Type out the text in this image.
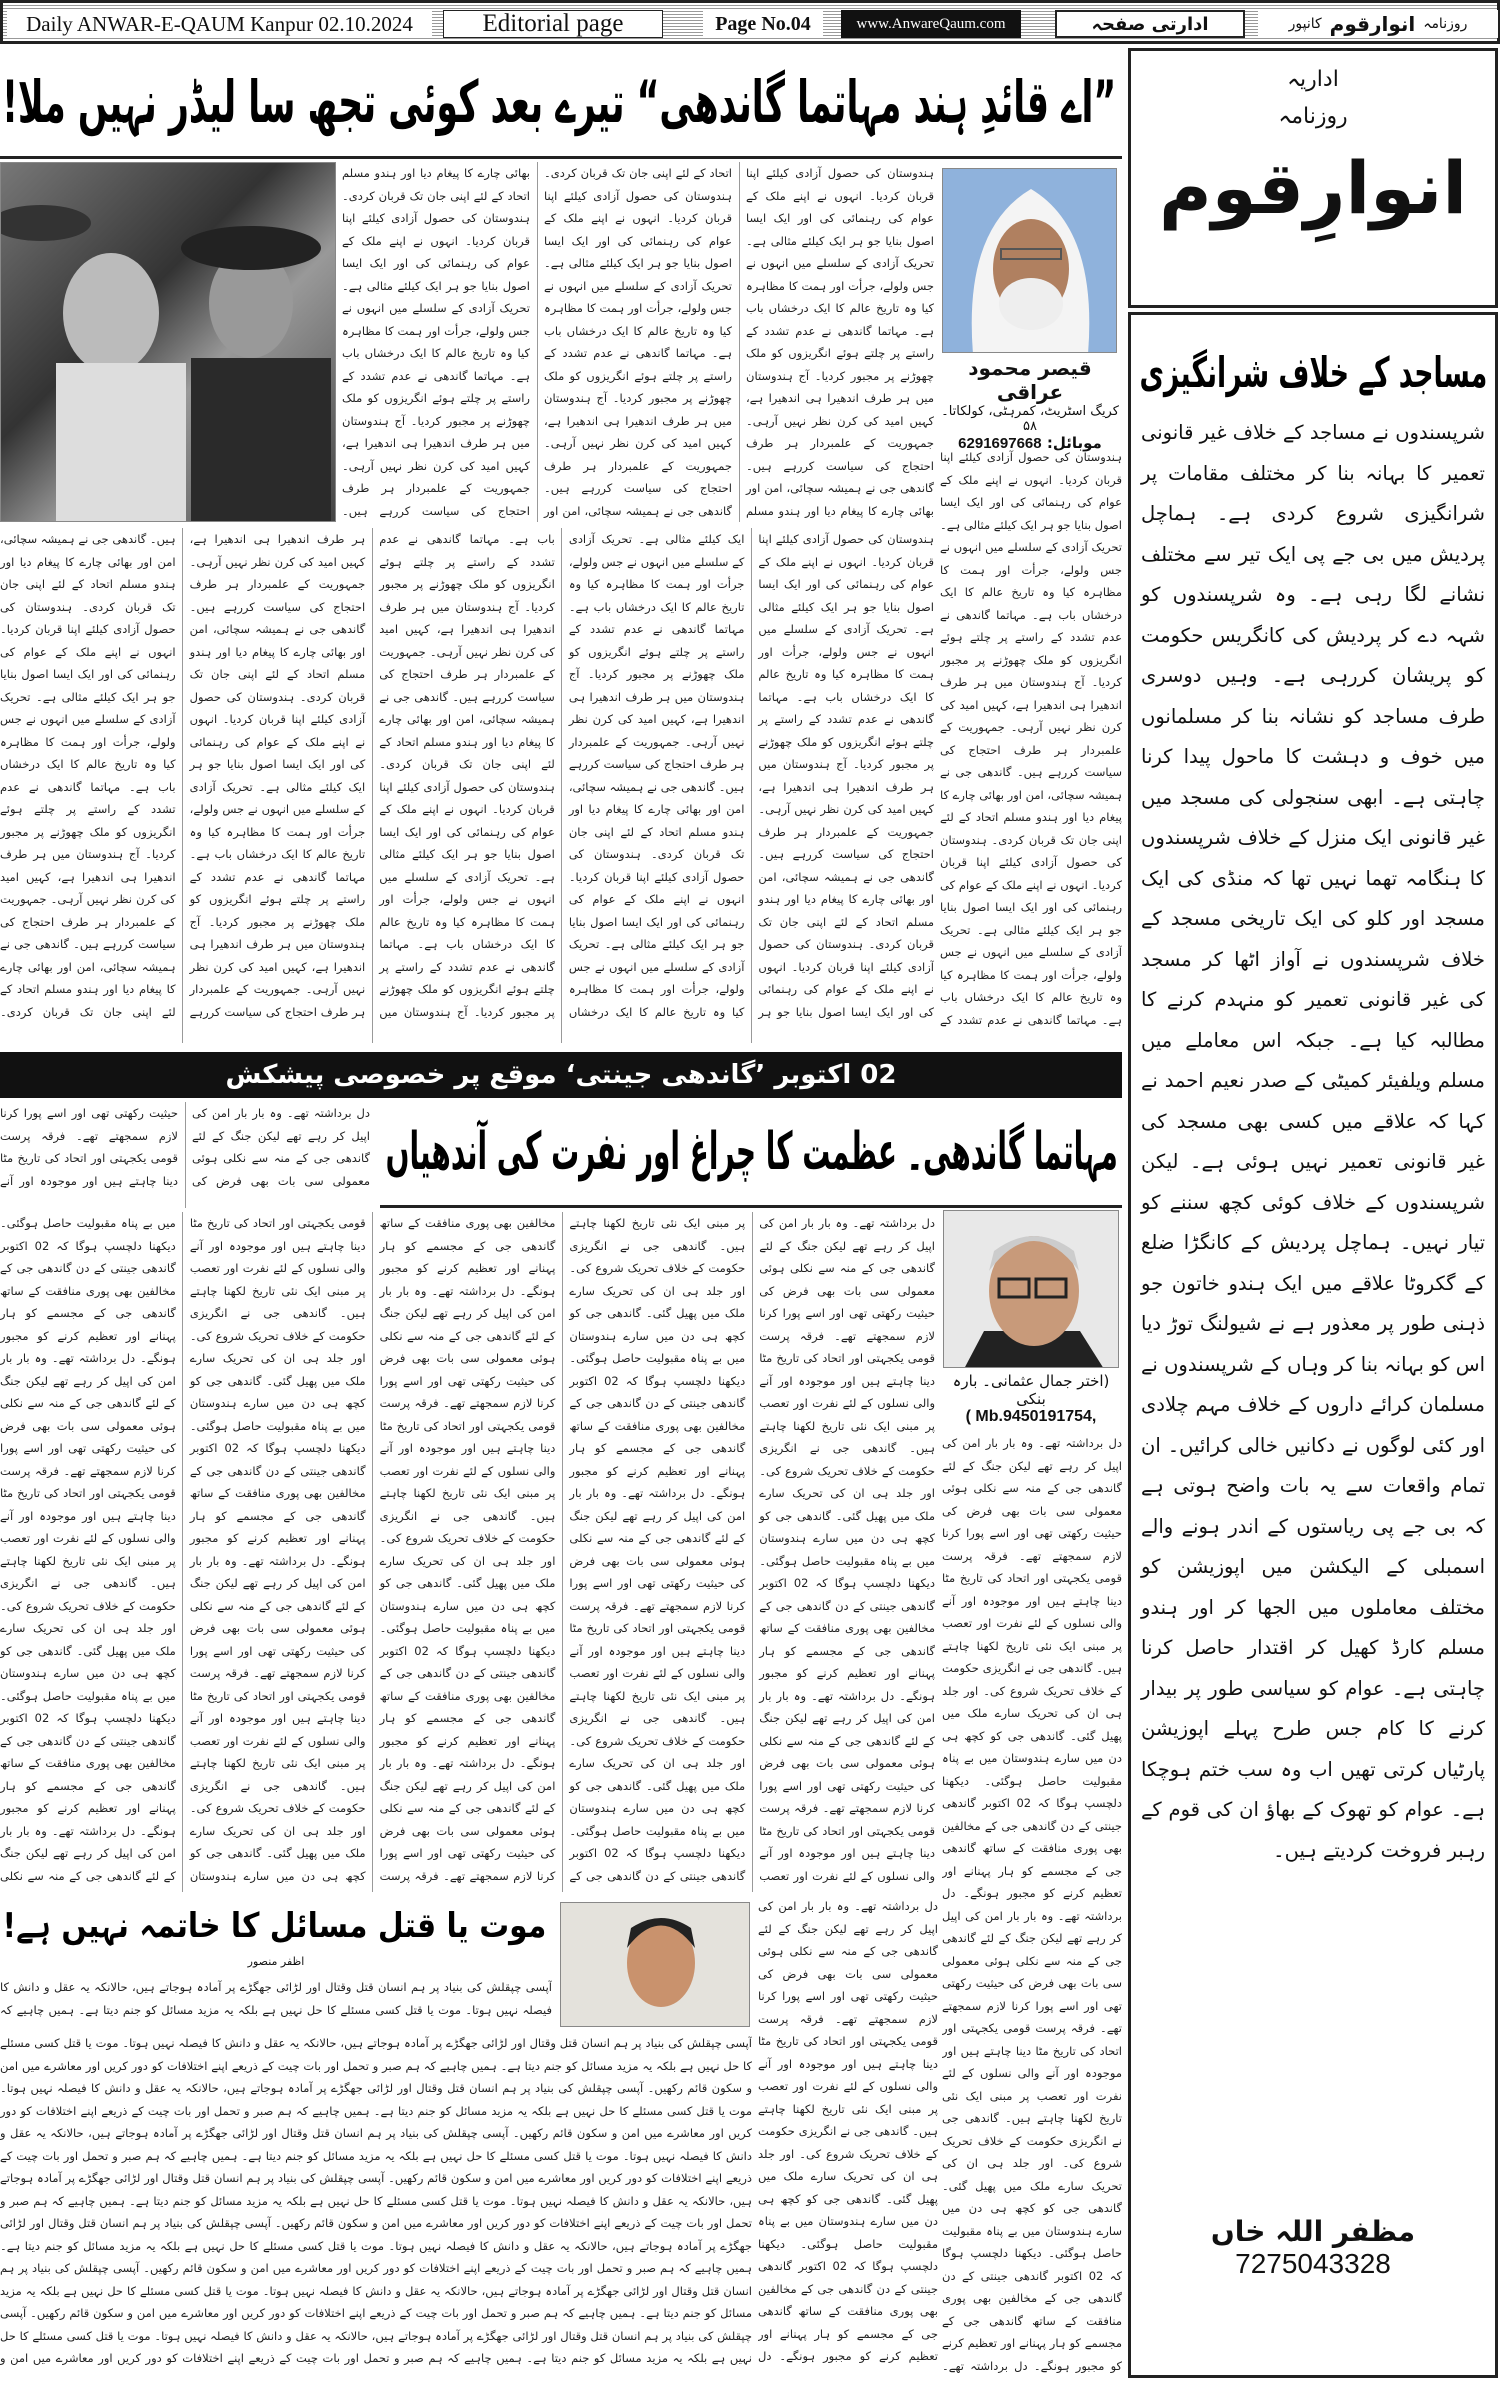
Daily ANWAR-E-QAUM Kanpur 02.10.2024	Editorial page	Page No.04	www.AnwareQaum.com	ادارتی صفحہ	روزنامہ
انوارقوم
کانپور
”اے قائدِ ہند مہاتما گاندھی“ تیرے بعد کوئی تجھ سا لیڈر نہیں ملا!
ہندوستان کی حصول آزادی کیلئے اپنا قربان کردیا۔ انہوں نے اپنے ملک کے عوام کی رہنمائی کی اور ایک ایسا اصول بنایا جو ہر ایک کیلئے مثالی ہے۔ تحریک آزادی کے سلسلے میں انہوں نے جس ولولے، جرأت اور ہمت کا مظاہرہ کیا وہ تاریخ عالم کا ایک درخشاں باب ہے۔ مہاتما گاندھی نے عدم تشدد کے راستے پر چلتے ہوئے انگریزوں کو ملک چھوڑنے پر مجبور کردیا۔ آج ہندوستان میں ہر طرف اندھیرا ہی اندھیرا ہے، کہیں امید کی کرن نظر نہیں آرہی۔ جمہوریت کے علمبردار ہر طرف احتجاج کی سیاست کررہے ہیں۔ گاندھی جی نے ہمیشہ سچائی، امن اور بھائی چارے کا پیغام دیا اور ہندو مسلم اتحاد کے لئے اپنی جان تک قربان کردی۔ ہندوستان کی حصول آزادی کیلئے اپنا قربان کردیا۔ انہوں نے اپنے ملک کے عوام کی رہنمائی کی اور ایک ایسا اصول بنایا جو ہر ایک کیلئے مثالی ہے۔ تحریک آزادی کے سلسلے میں انہوں نے جس ولولے، جرأت اور ہمت کا مظاہرہ کیا وہ تاریخ عالم کا ایک درخشاں باب ہے۔ مہاتما گاندھی نے عدم تشدد کے راستے پر چلتے ہوئے انگریزوں کو ملک چھوڑنے پر مجبور کردیا۔ آج ہندوستان میں ہر طرف اندھیرا ہی اندھیرا ہے، کہیں امید کی کرن نظر نہیں آرہی۔ جمہوریت کے علمبردار ہر طرف احتجاج کی سیاست کررہے ہیں۔ گاندھی جی نے ہمیشہ سچائی، امن اور بھائی چارے کا پیغام دیا اور ہندو مسلم اتحاد کے لئے اپنی جان تک قربان کردی۔ ہندوستان کی حصول آزادی کیلئے اپنا قربان کردیا۔ انہوں نے اپنے ملک کے عوام کی رہنمائی کی اور ایک ایسا اصول بنایا جو ہر ایک کیلئے مثالی ہے۔ تحریک آزادی کے سلسلے میں انہوں نے جس ولولے، جرأت اور ہمت کا مظاہرہ کیا وہ تاریخ عالم کا ایک درخشاں باب ہے۔ مہاتما گاندھی نے عدم تشدد کے راستے پر چلتے ہوئے انگریزوں کو ملک چھوڑنے پر مجبور کردیا۔ آج ہندوستان میں ہر طرف اندھیرا ہی اندھیرا ہے، کہیں امید کی کرن نظر نہیں آرہی۔ جمہوریت کے علمبردار ہر طرف احتجاج کی سیاست کررہے ہیں۔
ہندوستان کی حصول آزادی کیلئے اپنا قربان کردیا۔ انہوں نے اپنے ملک کے عوام کی رہنمائی کی اور ایک ایسا اصول بنایا جو ہر ایک کیلئے مثالی ہے۔ تحریک آزادی کے سلسلے میں انہوں نے جس ولولے، جرأت اور ہمت کا مظاہرہ کیا وہ تاریخ عالم کا ایک درخشاں باب ہے۔ مہاتما گاندھی نے عدم تشدد کے راستے پر چلتے ہوئے انگریزوں کو ملک چھوڑنے پر مجبور کردیا۔ آج ہندوستان میں ہر طرف اندھیرا ہی اندھیرا ہے، کہیں امید کی کرن نظر نہیں آرہی۔ جمہوریت کے علمبردار ہر طرف احتجاج کی سیاست کررہے ہیں۔ گاندھی جی نے ہمیشہ سچائی، امن اور بھائی چارے کا پیغام دیا اور ہندو مسلم اتحاد کے لئے اپنی جان تک قربان کردی۔ ہندوستان کی حصول آزادی کیلئے اپنا قربان کردیا۔ انہوں نے اپنے ملک کے عوام کی رہنمائی کی اور ایک ایسا اصول بنایا جو ہر ایک کیلئے مثالی ہے۔ تحریک آزادی کے سلسلے میں انہوں نے جس ولولے، جرأت اور ہمت کا مظاہرہ کیا وہ تاریخ عالم کا ایک درخشاں باب ہے۔ مہاتما گاندھی نے عدم تشدد کے راستے پر چلتے ہوئے انگریزوں کو ملک چھوڑنے پر مجبور کردیا۔ آج ہندوستان میں ہر طرف اندھیرا ہی اندھیرا ہے، کہیں امید کی کرن نظر نہیں آرہی۔ جمہوریت کے علمبردار ہر طرف احتجاج کی سیاست کررہے ہیں۔ گاندھی جی نے ہمیشہ سچائی، امن اور بھائی چارے کا پیغام دیا اور ہندو مسلم اتحاد کے لئے اپنی جان تک قربان کردی۔ ہندوستان کی حصول آزادی کیلئے اپنا قربان کردیا۔ انہوں نے اپنے ملک کے عوام کی رہنمائی کی اور ایک ایسا اصول بنایا جو ہر ایک کیلئے مثالی ہے۔ تحریک آزادی کے سلسلے میں انہوں نے جس ولولے، جرأت اور ہمت کا مظاہرہ کیا وہ تاریخ عالم کا ایک درخشاں باب ہے۔ مہاتما گاندھی نے عدم تشدد کے راستے پر چلتے ہوئے انگریزوں کو ملک چھوڑنے پر مجبور کردیا۔ آج ہندوستان میں ہر طرف اندھیرا ہی اندھیرا ہے، کہیں امید کی کرن نظر نہیں آرہی۔ جمہوریت کے علمبردار ہر طرف احتجاج کی سیاست کررہے ہیں۔ گاندھی جی نے ہمیشہ سچائی، امن اور بھائی چارے کا پیغام دیا اور ہندو مسلم اتحاد کے لئے اپنی جان تک قربان کردی۔ ہندوستان کی حصول آزادی کیلئے اپنا قربان کردیا۔ انہوں نے اپنے ملک کے عوام کی رہنمائی کی اور ایک ایسا اصول بنایا جو ہر ایک کیلئے مثالی ہے۔ تحریک آزادی کے سلسلے میں انہوں نے جس ولولے، جرأت اور ہمت کا مظاہرہ کیا وہ تاریخ عالم کا ایک درخشاں باب ہے۔ مہاتما گاندھی نے عدم تشدد کے راستے پر چلتے ہوئے انگریزوں کو ملک چھوڑنے پر مجبور کردیا۔ آج ہندوستان میں ہر طرف اندھیرا ہی اندھیرا ہے، کہیں امید کی کرن نظر نہیں آرہی۔ جمہوریت کے علمبردار ہر طرف احتجاج کی سیاست کررہے ہیں۔ گاندھی جی نے ہمیشہ سچائی، امن اور بھائی چارے کا پیغام دیا اور ہندو مسلم اتحاد کے لئے اپنی جان تک قربان کردی۔ ہندوستان کی حصول آزادی کیلئے اپنا قربان کردیا۔ انہوں نے اپنے ملک کے عوام کی رہنمائی کی اور ایک ایسا اصول بنایا جو ہر ایک کیلئے مثالی ہے۔ تحریک آزادی کے سلسلے میں انہوں نے جس ولولے، جرأت اور ہمت کا مظاہرہ کیا وہ تاریخ عالم کا ایک درخشاں باب ہے۔ مہاتما گاندھی نے عدم تشدد کے راستے پر چلتے ہوئے انگریزوں کو ملک چھوڑنے پر مجبور کردیا۔ آج ہندوستان میں ہر طرف اندھیرا ہی اندھیرا ہے، کہیں امید کی کرن نظر نہیں آرہی۔ جمہوریت کے علمبردار ہر طرف احتجاج کی سیاست کررہے ہیں۔ گاندھی جی نے ہمیشہ سچائی، امن اور بھائی چارے کا پیغام دیا اور ہندو مسلم اتحاد کے لئے اپنی جان تک قربان کردی۔ ہندوستان کی حصول آزادی کیلئے اپنا قربان کردیا۔ انہوں نے اپنے ملک کے عوام کی رہنمائی کی اور ایک ایسا اصول بنایا جو ہر ایک کیلئے مثالی ہے۔ تحریک آزادی کے سلسلے میں انہوں نے جس ولولے، جرأت اور ہمت کا مظاہرہ کیا وہ تاریخ عالم کا ایک درخشاں باب ہے۔ مہاتما گاندھی نے عدم تشدد کے راستے پر چلتے ہوئے انگریزوں کو ملک چھوڑنے پر مجبور کردیا۔ آج ہندوستان میں ہر طرف اندھیرا ہی اندھیرا ہے، کہیں امید کی کرن نظر نہیں آرہی۔ جمہوریت کے علمبردار ہر طرف احتجاج کی سیاست کررہے ہیں۔ گاندھی جی نے ہمیشہ سچائی، امن اور بھائی چارے کا پیغام دیا اور ہندو مسلم اتحاد کے لئے اپنی جان تک قربان کردی۔
قیصر محمود عراقی
کریگ اسٹریٹ، کمرہٹی، کولکاتا۔۵۸
موبائل: 6291697668
ہندوستان کی حصول آزادی کیلئے اپنا قربان کردیا۔ انہوں نے اپنے ملک کے عوام کی رہنمائی کی اور ایک ایسا اصول بنایا جو ہر ایک کیلئے مثالی ہے۔ تحریک آزادی کے سلسلے میں انہوں نے جس ولولے، جرأت اور ہمت کا مظاہرہ کیا وہ تاریخ عالم کا ایک درخشاں باب ہے۔ مہاتما گاندھی نے عدم تشدد کے راستے پر چلتے ہوئے انگریزوں کو ملک چھوڑنے پر مجبور کردیا۔ آج ہندوستان میں ہر طرف اندھیرا ہی اندھیرا ہے، کہیں امید کی کرن نظر نہیں آرہی۔ جمہوریت کے علمبردار ہر طرف احتجاج کی سیاست کررہے ہیں۔ گاندھی جی نے ہمیشہ سچائی، امن اور بھائی چارے کا پیغام دیا اور ہندو مسلم اتحاد کے لئے اپنی جان تک قربان کردی۔ ہندوستان کی حصول آزادی کیلئے اپنا قربان کردیا۔ انہوں نے اپنے ملک کے عوام کی رہنمائی کی اور ایک ایسا اصول بنایا جو ہر ایک کیلئے مثالی ہے۔ تحریک آزادی کے سلسلے میں انہوں نے جس ولولے، جرأت اور ہمت کا مظاہرہ کیا وہ تاریخ عالم کا ایک درخشاں باب ہے۔ مہاتما گاندھی نے عدم تشدد کے
02 اکتوبر ’گاندھی جینتی‘ موقع پر خصوصی پیشکش
دل برداشتہ تھے۔ وہ بار بار امن کی اپیل کر رہے تھے لیکن جنگ کے لئے گاندھی جی کے منہ سے نکلی ہوئی معمولی سی بات بھی فرض کی حیثیت رکھتی تھی اور اسے پورا کرنا لازم سمجھتے تھے۔ فرقہ پرست قومی یکجہتی اور اتحاد کی تاریخ مٹا دینا چاہتے ہیں اور موجودہ اور آنے	مہاتما گاندھی۔ عظمت کا چراغ اور نفرت کی آندھیاں
دل برداشتہ تھے۔ وہ بار بار امن کی اپیل کر رہے تھے لیکن جنگ کے لئے گاندھی جی کے منہ سے نکلی ہوئی معمولی سی بات بھی فرض کی حیثیت رکھتی تھی اور اسے پورا کرنا لازم سمجھتے تھے۔ فرقہ پرست قومی یکجہتی اور اتحاد کی تاریخ مٹا دینا چاہتے ہیں اور موجودہ اور آنے والی نسلوں کے لئے نفرت اور تعصب پر مبنی ایک نئی تاریخ لکھنا چاہتے ہیں۔ گاندھی جی نے انگریزی حکومت کے خلاف تحریک شروع کی۔ اور جلد ہی ان کی تحریک سارے ملک میں پھیل گئی۔ گاندھی جی کو کچھ ہی دن میں سارے ہندوستان میں بے پناہ مقبولیت حاصل ہوگئی۔ دیکھنا دلچسپ ہوگا کہ 02 اکتوبر گاندھی جینتی کے دن گاندھی جی کے مخالفین بھی پوری منافقت کے ساتھ گاندھی جی کے مجسمے کو ہار پہنانے اور تعظیم کرنے کو مجبور ہونگے۔ دل برداشتہ تھے۔ وہ بار بار امن کی اپیل کر رہے تھے لیکن جنگ کے لئے گاندھی جی کے منہ سے نکلی ہوئی معمولی سی بات بھی فرض کی حیثیت رکھتی تھی اور اسے پورا کرنا لازم سمجھتے تھے۔ فرقہ پرست قومی یکجہتی اور اتحاد کی تاریخ مٹا دینا چاہتے ہیں اور موجودہ اور آنے والی نسلوں کے لئے نفرت اور تعصب پر مبنی ایک نئی تاریخ لکھنا چاہتے ہیں۔ گاندھی جی نے انگریزی حکومت کے خلاف تحریک شروع کی۔ اور جلد ہی ان کی تحریک سارے ملک میں پھیل گئی۔ گاندھی جی کو کچھ ہی دن میں سارے ہندوستان میں بے پناہ مقبولیت حاصل ہوگئی۔ دیکھنا دلچسپ ہوگا کہ 02 اکتوبر گاندھی جینتی کے دن گاندھی جی کے مخالفین بھی پوری منافقت کے ساتھ گاندھی جی کے مجسمے کو ہار پہنانے اور تعظیم کرنے کو مجبور ہونگے۔ دل برداشتہ تھے۔ وہ بار بار امن کی اپیل کر رہے تھے لیکن جنگ کے لئے گاندھی جی کے منہ سے نکلی ہوئی معمولی سی بات بھی فرض کی حیثیت رکھتی تھی اور اسے پورا کرنا لازم سمجھتے تھے۔ فرقہ پرست قومی یکجہتی اور اتحاد کی تاریخ مٹا دینا چاہتے ہیں اور موجودہ اور آنے والی نسلوں کے لئے نفرت اور تعصب پر مبنی ایک نئی تاریخ لکھنا چاہتے ہیں۔ گاندھی جی نے انگریزی حکومت کے خلاف تحریک شروع کی۔ اور جلد ہی ان کی تحریک سارے ملک میں پھیل گئی۔ گاندھی جی کو کچھ ہی دن میں سارے ہندوستان میں بے پناہ مقبولیت حاصل ہوگئی۔ دیکھنا دلچسپ ہوگا کہ 02 اکتوبر گاندھی جینتی کے دن گاندھی جی کے مخالفین بھی پوری منافقت کے ساتھ گاندھی جی کے مجسمے کو ہار پہنانے اور تعظیم کرنے کو مجبور ہونگے۔ دل برداشتہ تھے۔ وہ بار بار امن کی اپیل کر رہے تھے لیکن جنگ کے لئے گاندھی جی کے منہ سے نکلی ہوئی معمولی سی بات بھی فرض کی حیثیت رکھتی تھی اور اسے پورا کرنا لازم سمجھتے تھے۔ فرقہ پرست قومی یکجہتی اور اتحاد کی تاریخ مٹا دینا چاہتے ہیں اور موجودہ اور آنے والی نسلوں کے لئے نفرت اور تعصب پر مبنی ایک نئی تاریخ لکھنا چاہتے ہیں۔ گاندھی جی نے انگریزی حکومت کے خلاف تحریک شروع کی۔ اور جلد ہی ان کی تحریک سارے ملک میں پھیل گئی۔ گاندھی جی کو کچھ ہی دن میں سارے ہندوستان میں بے پناہ مقبولیت حاصل ہوگئی۔ دیکھنا دلچسپ ہوگا کہ 02 اکتوبر گاندھی جینتی کے دن گاندھی جی کے مخالفین بھی پوری منافقت کے ساتھ گاندھی جی کے مجسمے کو ہار پہنانے اور تعظیم کرنے کو مجبور ہونگے۔ دل برداشتہ تھے۔ وہ بار بار امن کی اپیل کر رہے تھے لیکن جنگ کے لئے گاندھی جی کے منہ سے نکلی ہوئی معمولی سی بات بھی فرض کی حیثیت رکھتی تھی اور اسے پورا کرنا لازم سمجھتے تھے۔ فرقہ پرست قومی یکجہتی اور اتحاد کی تاریخ مٹا دینا چاہتے ہیں اور موجودہ اور آنے والی نسلوں کے لئے نفرت اور تعصب پر مبنی ایک نئی تاریخ لکھنا چاہتے ہیں۔ گاندھی جی نے انگریزی حکومت کے خلاف تحریک شروع کی۔ اور جلد ہی ان کی تحریک سارے ملک میں پھیل گئی۔ گاندھی جی کو کچھ ہی دن میں سارے ہندوستان میں بے پناہ مقبولیت حاصل ہوگئی۔ دیکھنا دلچسپ ہوگا کہ 02 اکتوبر گاندھی جینتی کے دن گاندھی جی کے مخالفین بھی پوری منافقت کے ساتھ گاندھی جی کے مجسمے کو ہار پہنانے اور تعظیم کرنے کو مجبور ہونگے۔ دل برداشتہ تھے۔ وہ بار بار امن کی اپیل کر رہے تھے لیکن جنگ کے لئے گاندھی جی کے منہ سے نکلی ہوئی معمولی سی بات بھی فرض کی حیثیت رکھتی تھی اور اسے پورا کرنا لازم سمجھتے تھے۔ فرقہ پرست قومی یکجہتی اور اتحاد کی تاریخ مٹا دینا چاہتے ہیں اور موجودہ اور آنے والی نسلوں کے لئے نفرت اور تعصب پر مبنی ایک نئی تاریخ لکھنا چاہتے ہیں۔ گاندھی جی نے انگریزی حکومت کے خلاف تحریک شروع کی۔ اور جلد ہی ان کی تحریک سارے ملک میں پھیل گئی۔ گاندھی جی کو کچھ ہی دن میں سارے ہندوستان میں بے پناہ مقبولیت حاصل ہوگئی۔ دیکھنا دلچسپ ہوگا کہ 02 اکتوبر گاندھی جینتی کے دن گاندھی جی کے مخالفین بھی پوری منافقت کے ساتھ گاندھی جی کے مجسمے کو ہار پہنانے اور تعظیم کرنے کو مجبور ہونگے۔ دل برداشتہ تھے۔ وہ بار بار امن کی اپیل کر رہے تھے لیکن جنگ کے لئے گاندھی جی کے منہ سے نکلی ہوئی معمولی سی بات بھی فرض کی حیثیت رکھتی تھی اور اسے پورا کرنا لازم سمجھتے تھے۔ فرقہ پرست قومی یکجہتی اور اتحاد کی تاریخ مٹا دینا چاہتے ہیں اور موجودہ اور آنے والی نسلوں کے لئے نفرت اور تعصب پر مبنی ایک نئی تاریخ لکھنا چاہتے ہیں۔ گاندھی جی نے انگریزی حکومت کے خلاف تحریک شروع کی۔ اور جلد ہی ان کی تحریک سارے ملک میں پھیل گئی۔ گاندھی جی کو کچھ ہی دن میں سارے ہندوستان میں بے پناہ مقبولیت حاصل ہوگئی۔ دیکھنا دلچسپ ہوگا کہ 02 اکتوبر گاندھی جینتی کے دن گاندھی جی کے مخالفین بھی پوری منافقت کے ساتھ گاندھی جی کے مجسمے کو ہار پہنانے اور تعظیم کرنے کو مجبور ہونگے۔ دل برداشتہ تھے۔ وہ بار بار امن کی اپیل کر رہے تھے لیکن جنگ کے لئے گاندھی جی کے منہ سے نکلی
(اختر جمال عثمانی۔ بارہ بنکی
( Mb.9450191754,
دل برداشتہ تھے۔ وہ بار بار امن کی اپیل کر رہے تھے لیکن جنگ کے لئے گاندھی جی کے منہ سے نکلی ہوئی معمولی سی بات بھی فرض کی حیثیت رکھتی تھی اور اسے پورا کرنا لازم سمجھتے تھے۔ فرقہ پرست قومی یکجہتی اور اتحاد کی تاریخ مٹا دینا چاہتے ہیں اور موجودہ اور آنے والی نسلوں کے لئے نفرت اور تعصب پر مبنی ایک نئی تاریخ لکھنا چاہتے ہیں۔ گاندھی جی نے انگریزی حکومت کے خلاف تحریک شروع کی۔ اور جلد ہی ان کی تحریک سارے ملک میں پھیل گئی۔ گاندھی جی کو کچھ ہی دن میں سارے ہندوستان میں بے پناہ مقبولیت حاصل ہوگئی۔ دیکھنا دلچسپ ہوگا کہ 02 اکتوبر گاندھی جینتی کے دن گاندھی جی کے مخالفین بھی پوری منافقت کے ساتھ گاندھی جی کے مجسمے کو ہار پہنانے اور تعظیم کرنے کو مجبور ہونگے۔ دل برداشتہ تھے۔ وہ بار بار امن کی اپیل کر رہے تھے لیکن جنگ کے لئے گاندھی جی کے منہ سے نکلی ہوئی معمولی سی بات بھی فرض کی حیثیت رکھتی تھی اور اسے پورا کرنا لازم سمجھتے تھے۔ فرقہ پرست قومی یکجہتی اور اتحاد کی تاریخ مٹا دینا چاہتے ہیں اور موجودہ اور آنے والی نسلوں کے لئے نفرت اور تعصب پر مبنی ایک نئی تاریخ لکھنا چاہتے ہیں۔ گاندھی جی نے انگریزی حکومت کے خلاف تحریک شروع کی۔ اور جلد ہی ان کی تحریک سارے ملک میں پھیل گئی۔ گاندھی جی کو کچھ ہی دن میں سارے ہندوستان میں بے پناہ مقبولیت حاصل ہوگئی۔ دیکھنا دلچسپ ہوگا کہ 02 اکتوبر گاندھی جینتی کے دن گاندھی جی کے مخالفین بھی پوری منافقت کے ساتھ گاندھی جی کے مجسمے کو ہار پہنانے اور تعظیم کرنے کو مجبور ہونگے۔ دل برداشتہ تھے۔
دل برداشتہ تھے۔ وہ بار بار امن کی اپیل کر رہے تھے لیکن جنگ کے لئے گاندھی جی کے منہ سے نکلی ہوئی معمولی سی بات بھی فرض کی حیثیت رکھتی تھی اور اسے پورا کرنا لازم سمجھتے تھے۔ فرقہ پرست قومی یکجہتی اور اتحاد کی تاریخ مٹا دینا چاہتے ہیں اور موجودہ اور آنے والی نسلوں کے لئے نفرت اور تعصب پر مبنی ایک نئی تاریخ لکھنا چاہتے ہیں۔ گاندھی جی نے انگریزی حکومت کے خلاف تحریک شروع کی۔ اور جلد ہی ان کی تحریک سارے ملک میں پھیل گئی۔ گاندھی جی کو کچھ ہی دن میں سارے ہندوستان میں بے پناہ مقبولیت حاصل ہوگئی۔ دیکھنا دلچسپ ہوگا کہ 02 اکتوبر گاندھی جینتی کے دن گاندھی جی کے مخالفین بھی پوری منافقت کے ساتھ گاندھی جی کے مجسمے کو ہار پہنانے اور تعظیم کرنے کو مجبور ہونگے۔ دل
موت یا قتل مسائل کا خاتمہ نہیں ہے!
اظفر منصور
آپسی چپقلش کی بنیاد پر ہم انسان قتل وقتال اور لڑائی جھگڑے پر آمادہ ہوجاتے ہیں، حالانکہ یہ عقل و دانش کا فیصلہ نہیں ہوتا۔ موت یا قتل کسی مسئلے کا حل نہیں ہے بلکہ یہ مزید مسائل کو جنم دیتا ہے۔ ہمیں چاہیے کہ
آپسی چپقلش کی بنیاد پر ہم انسان قتل وقتال اور لڑائی جھگڑے پر آمادہ ہوجاتے ہیں، حالانکہ یہ عقل و دانش کا فیصلہ نہیں ہوتا۔ موت یا قتل کسی مسئلے کا حل نہیں ہے بلکہ یہ مزید مسائل کو جنم دیتا ہے۔ ہمیں چاہیے کہ ہم صبر و تحمل اور بات چیت کے ذریعے اپنے اختلافات کو دور کریں اور معاشرے میں امن و سکون قائم رکھیں۔ آپسی چپقلش کی بنیاد پر ہم انسان قتل وقتال اور لڑائی جھگڑے پر آمادہ ہوجاتے ہیں، حالانکہ یہ عقل و دانش کا فیصلہ نہیں ہوتا۔ موت یا قتل کسی مسئلے کا حل نہیں ہے بلکہ یہ مزید مسائل کو جنم دیتا ہے۔ ہمیں چاہیے کہ ہم صبر و تحمل اور بات چیت کے ذریعے اپنے اختلافات کو دور کریں اور معاشرے میں امن و سکون قائم رکھیں۔ آپسی چپقلش کی بنیاد پر ہم انسان قتل وقتال اور لڑائی جھگڑے پر آمادہ ہوجاتے ہیں، حالانکہ یہ عقل و دانش کا فیصلہ نہیں ہوتا۔ موت یا قتل کسی مسئلے کا حل نہیں ہے بلکہ یہ مزید مسائل کو جنم دیتا ہے۔ ہمیں چاہیے کہ ہم صبر و تحمل اور بات چیت کے ذریعے اپنے اختلافات کو دور کریں اور معاشرے میں امن و سکون قائم رکھیں۔ آپسی چپقلش کی بنیاد پر ہم انسان قتل وقتال اور لڑائی جھگڑے پر آمادہ ہوجاتے ہیں، حالانکہ یہ عقل و دانش کا فیصلہ نہیں ہوتا۔ موت یا قتل کسی مسئلے کا حل نہیں ہے بلکہ یہ مزید مسائل کو جنم دیتا ہے۔ ہمیں چاہیے کہ ہم صبر و تحمل اور بات چیت کے ذریعے اپنے اختلافات کو دور کریں اور معاشرے میں امن و سکون قائم رکھیں۔ آپسی چپقلش کی بنیاد پر ہم انسان قتل وقتال اور لڑائی جھگڑے پر آمادہ ہوجاتے ہیں، حالانکہ یہ عقل و دانش کا فیصلہ نہیں ہوتا۔ موت یا قتل کسی مسئلے کا حل نہیں ہے بلکہ یہ مزید مسائل کو جنم دیتا ہے۔ ہمیں چاہیے کہ ہم صبر و تحمل اور بات چیت کے ذریعے اپنے اختلافات کو دور کریں اور معاشرے میں امن و سکون قائم رکھیں۔ آپسی چپقلش کی بنیاد پر ہم انسان قتل وقتال اور لڑائی جھگڑے پر آمادہ ہوجاتے ہیں، حالانکہ یہ عقل و دانش کا فیصلہ نہیں ہوتا۔ موت یا قتل کسی مسئلے کا حل نہیں ہے بلکہ یہ مزید مسائل کو جنم دیتا ہے۔ ہمیں چاہیے کہ ہم صبر و تحمل اور بات چیت کے ذریعے اپنے اختلافات کو دور کریں اور معاشرے میں امن و سکون قائم رکھیں۔ آپسی چپقلش کی بنیاد پر ہم انسان قتل وقتال اور لڑائی جھگڑے پر آمادہ ہوجاتے ہیں، حالانکہ یہ عقل و دانش کا فیصلہ نہیں ہوتا۔ موت یا قتل کسی مسئلے کا حل نہیں ہے بلکہ یہ مزید مسائل کو جنم دیتا ہے۔ ہمیں چاہیے کہ ہم صبر و تحمل اور بات چیت کے ذریعے اپنے اختلافات کو دور کریں اور معاشرے میں امن و
اداریہ
روزنامہ
انوارِقوم
مساجد کے خلاف شرانگیزی
شرپسندوں نے مساجد کے خلاف غیر قانونی تعمیر کا بہانہ بنا کر مختلف مقامات پر شرانگیزی شروع کردی ہے۔ ہماچل پردیش میں بی جے پی ایک تیر سے مختلف نشانے لگا رہی ہے۔ وہ شرپسندوں کو شہہ دے کر پردیش کی کانگریس حکومت کو پریشان کررہی ہے۔ وہیں دوسری طرف مساجد کو نشانہ بنا کر مسلمانوں میں خوف و دہشت کا ماحول پیدا کرنا چاہتی ہے۔ ابھی سنجولی کی مسجد میں غیر قانونی ایک منزل کے خلاف شرپسندوں کا ہنگامہ تھما نہیں تھا کہ منڈی کی ایک مسجد اور کلو کی ایک تاریخی مسجد کے خلاف شرپسندوں نے آواز اٹھا کر مسجد کی غیر قانونی تعمیر کو منہدم کرنے کا مطالبہ کیا ہے۔ جبکہ اس معاملے میں مسلم ویلفیئر کمیٹی کے صدر نعیم احمد نے کہا کہ علاقے میں کسی بھی مسجد کی غیر قانونی تعمیر نہیں ہوئی ہے۔ لیکن شرپسندوں کے خلاف کوئی کچھ سننے کو تیار نہیں۔ ہماچل پردیش کے کانگڑا ضلع کے گکروٹا علاقے میں ایک ہندو خاتون جو ذہنی طور پر معذور ہے نے شیولنگ توڑ دیا اس کو بہانہ بنا کر وہاں کے شرپسندوں نے مسلمان کرائے داروں کے خلاف مہم چلادی اور کئی لوگوں نے دکانیں خالی کرائیں۔ ان تمام واقعات سے یہ بات واضح ہوتی ہے کہ بی جے پی ریاستوں کے اندر ہونے والے اسمبلی کے الیکشن میں اپوزیشن کو مختلف معاملوں میں الجھا کر اور ہندو مسلم کارڈ کھیل کر اقتدار حاصل کرنا چاہتی ہے۔ عوام کو سیاسی طور پر بیدار کرنے کا کام جس طرح پہلے اپوزیشن پارٹیاں کرتی تھیں اب وہ سب ختم ہوچکا ہے۔ عوام کو تھوک کے بھاؤ ان کی قوم کے رہبر فروخت کردیتے ہیں۔
مظفر اللہ خاں
7275043328
